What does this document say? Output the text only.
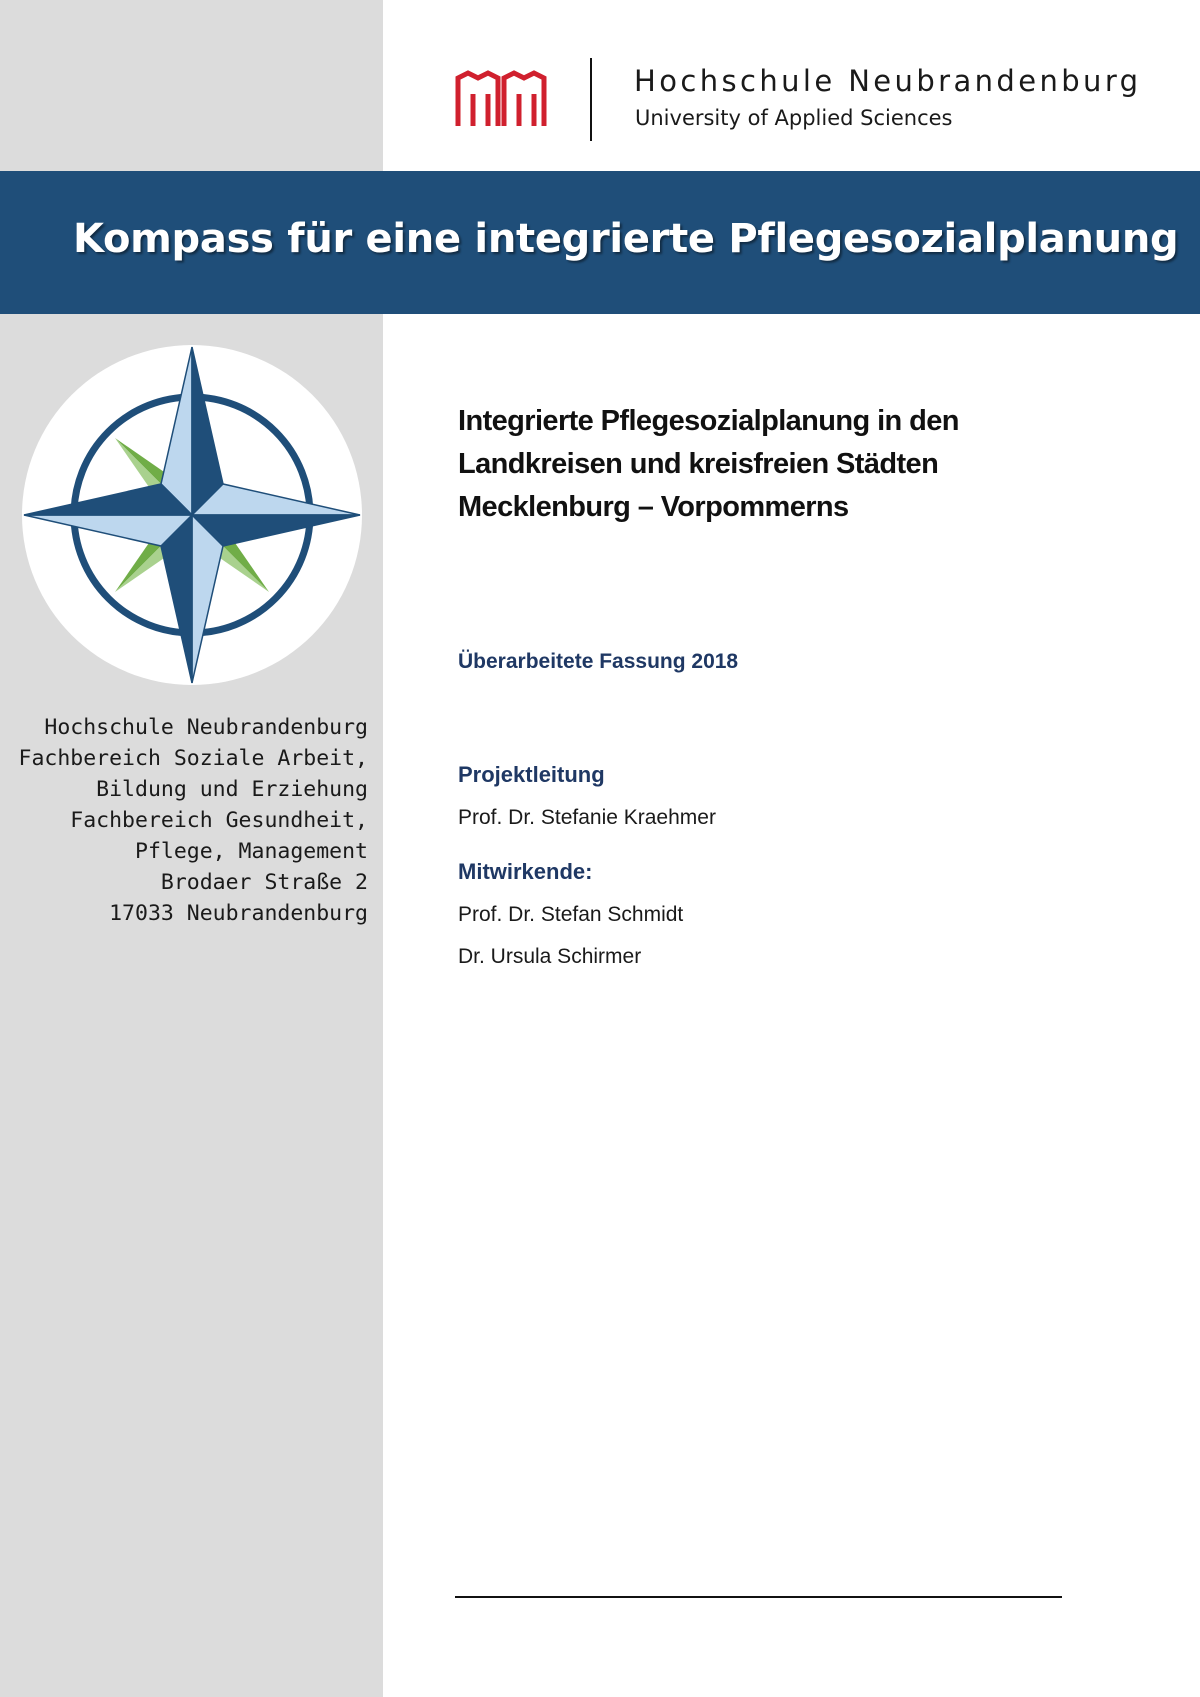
Hochschule Neubrandenburg
University of Applied Sciences
Kompass für eine integrierte Pflegesozialplanung
Hochschule Neubrandenburg
Fachbereich Soziale Arbeit,
Bildung und Erziehung
Fachbereich Gesundheit,
Pflege, Management
Brodaer Straße 2
17033 Neubrandenburg
Integrierte Pflegesozialplanung in den
Landkreisen und kreisfreien Städten
Mecklenburg – Vorpommerns
Überarbeitete Fassung 2018
Projektleitung
Prof. Dr. Stefanie Kraehmer
Mitwirkende:
Prof. Dr. Stefan Schmidt
Dr. Ursula Schirmer
